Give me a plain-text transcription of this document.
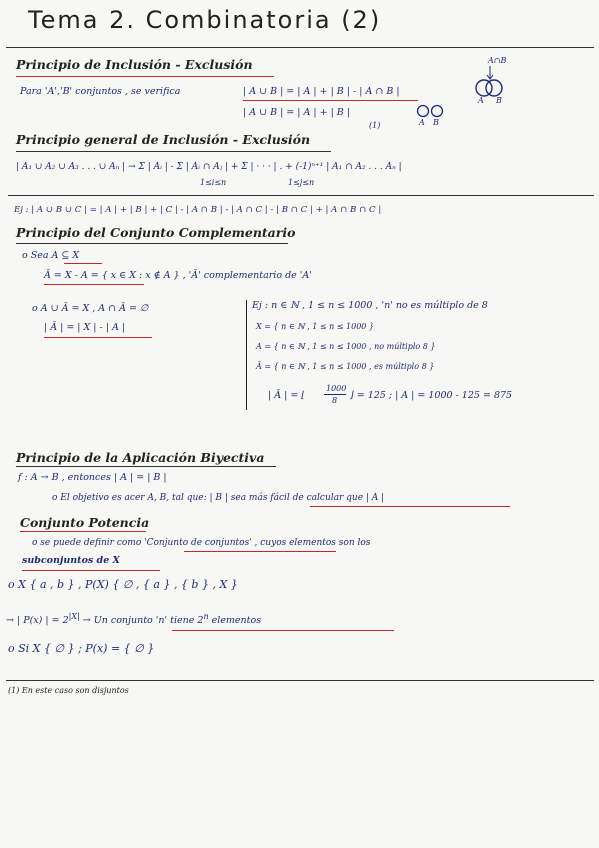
Tema 2. Combinatoria (2)
Principio de Inclusión - Exclusión
Para 'A','B' conjuntos , se verifica	| A ∪ B | = | A | + | B | - | A ∩ B |
| A ∪ B | = | A | + | B |
(1)
A∩B
A B
A B
Principio general de Inclusión - Exclusión
| A₁ ∪ A₂ ∪ A₃ . . . ∪ Aₙ | → Σ | Aᵢ | - Σ | Aᵢ ∩ Aⱼ | + Σ | · · · | . + (-1)ⁿ⁺¹ | A₁ ∩ A₂ . . . Aₙ |
1≤i≤n	1≤j≤n
Ej : | A ∪ B ∪ C | = | A | + | B | + | C | - | A ∩ B | - | A ∩ C | - | B ∩ C | + | A ∩ B ∩ C |
Principio del Conjunto Complementario
o Sea A ⊆ X
Ā = X - A = { x ∈ X : x ∉ A } , 'Ā' complementario de 'A'
o A ∪ Ā = X , A ∩ Ā = ∅
| Ā | = | X | - | A |
Ej : n ∈ ℕ , 1 ≤ n ≤ 1000 , 'n' no es múltiplo de 8
X = { n ∈ ℕ , 1 ≤ n ≤ 1000 }
A = { n ∈ ℕ , 1 ≤ n ≤ 1000 , no múltiplo 8 }
Ā = { n ∈ ℕ , 1 ≤ n ≤ 1000 , es múltiplo 8 }
| Ā | = ⌊
1000
8 ⌋ = 125 ; | A | = 1000 - 125 = 875
Principio de la Aplicación Biyectiva
f : A → B , entonces | A | = | B |
o El objetivo es acer A, B, tal que: | B | sea más fácil de calcular que | A |
Conjunto Potencia
o se puede definir como 'Conjunto de conjuntos' , cuyos elementos son los
subconjuntos de X
o X { a , b } , P(X) { ∅ , { a } , { b } , X }
→ | P(x) | = $2^{|X|} \to Un$ conjunto 'n' tiene 2$^n$ elementos
o Si X { ∅ } ; P(x) = { ∅ }
(1) En este caso son disjuntos
